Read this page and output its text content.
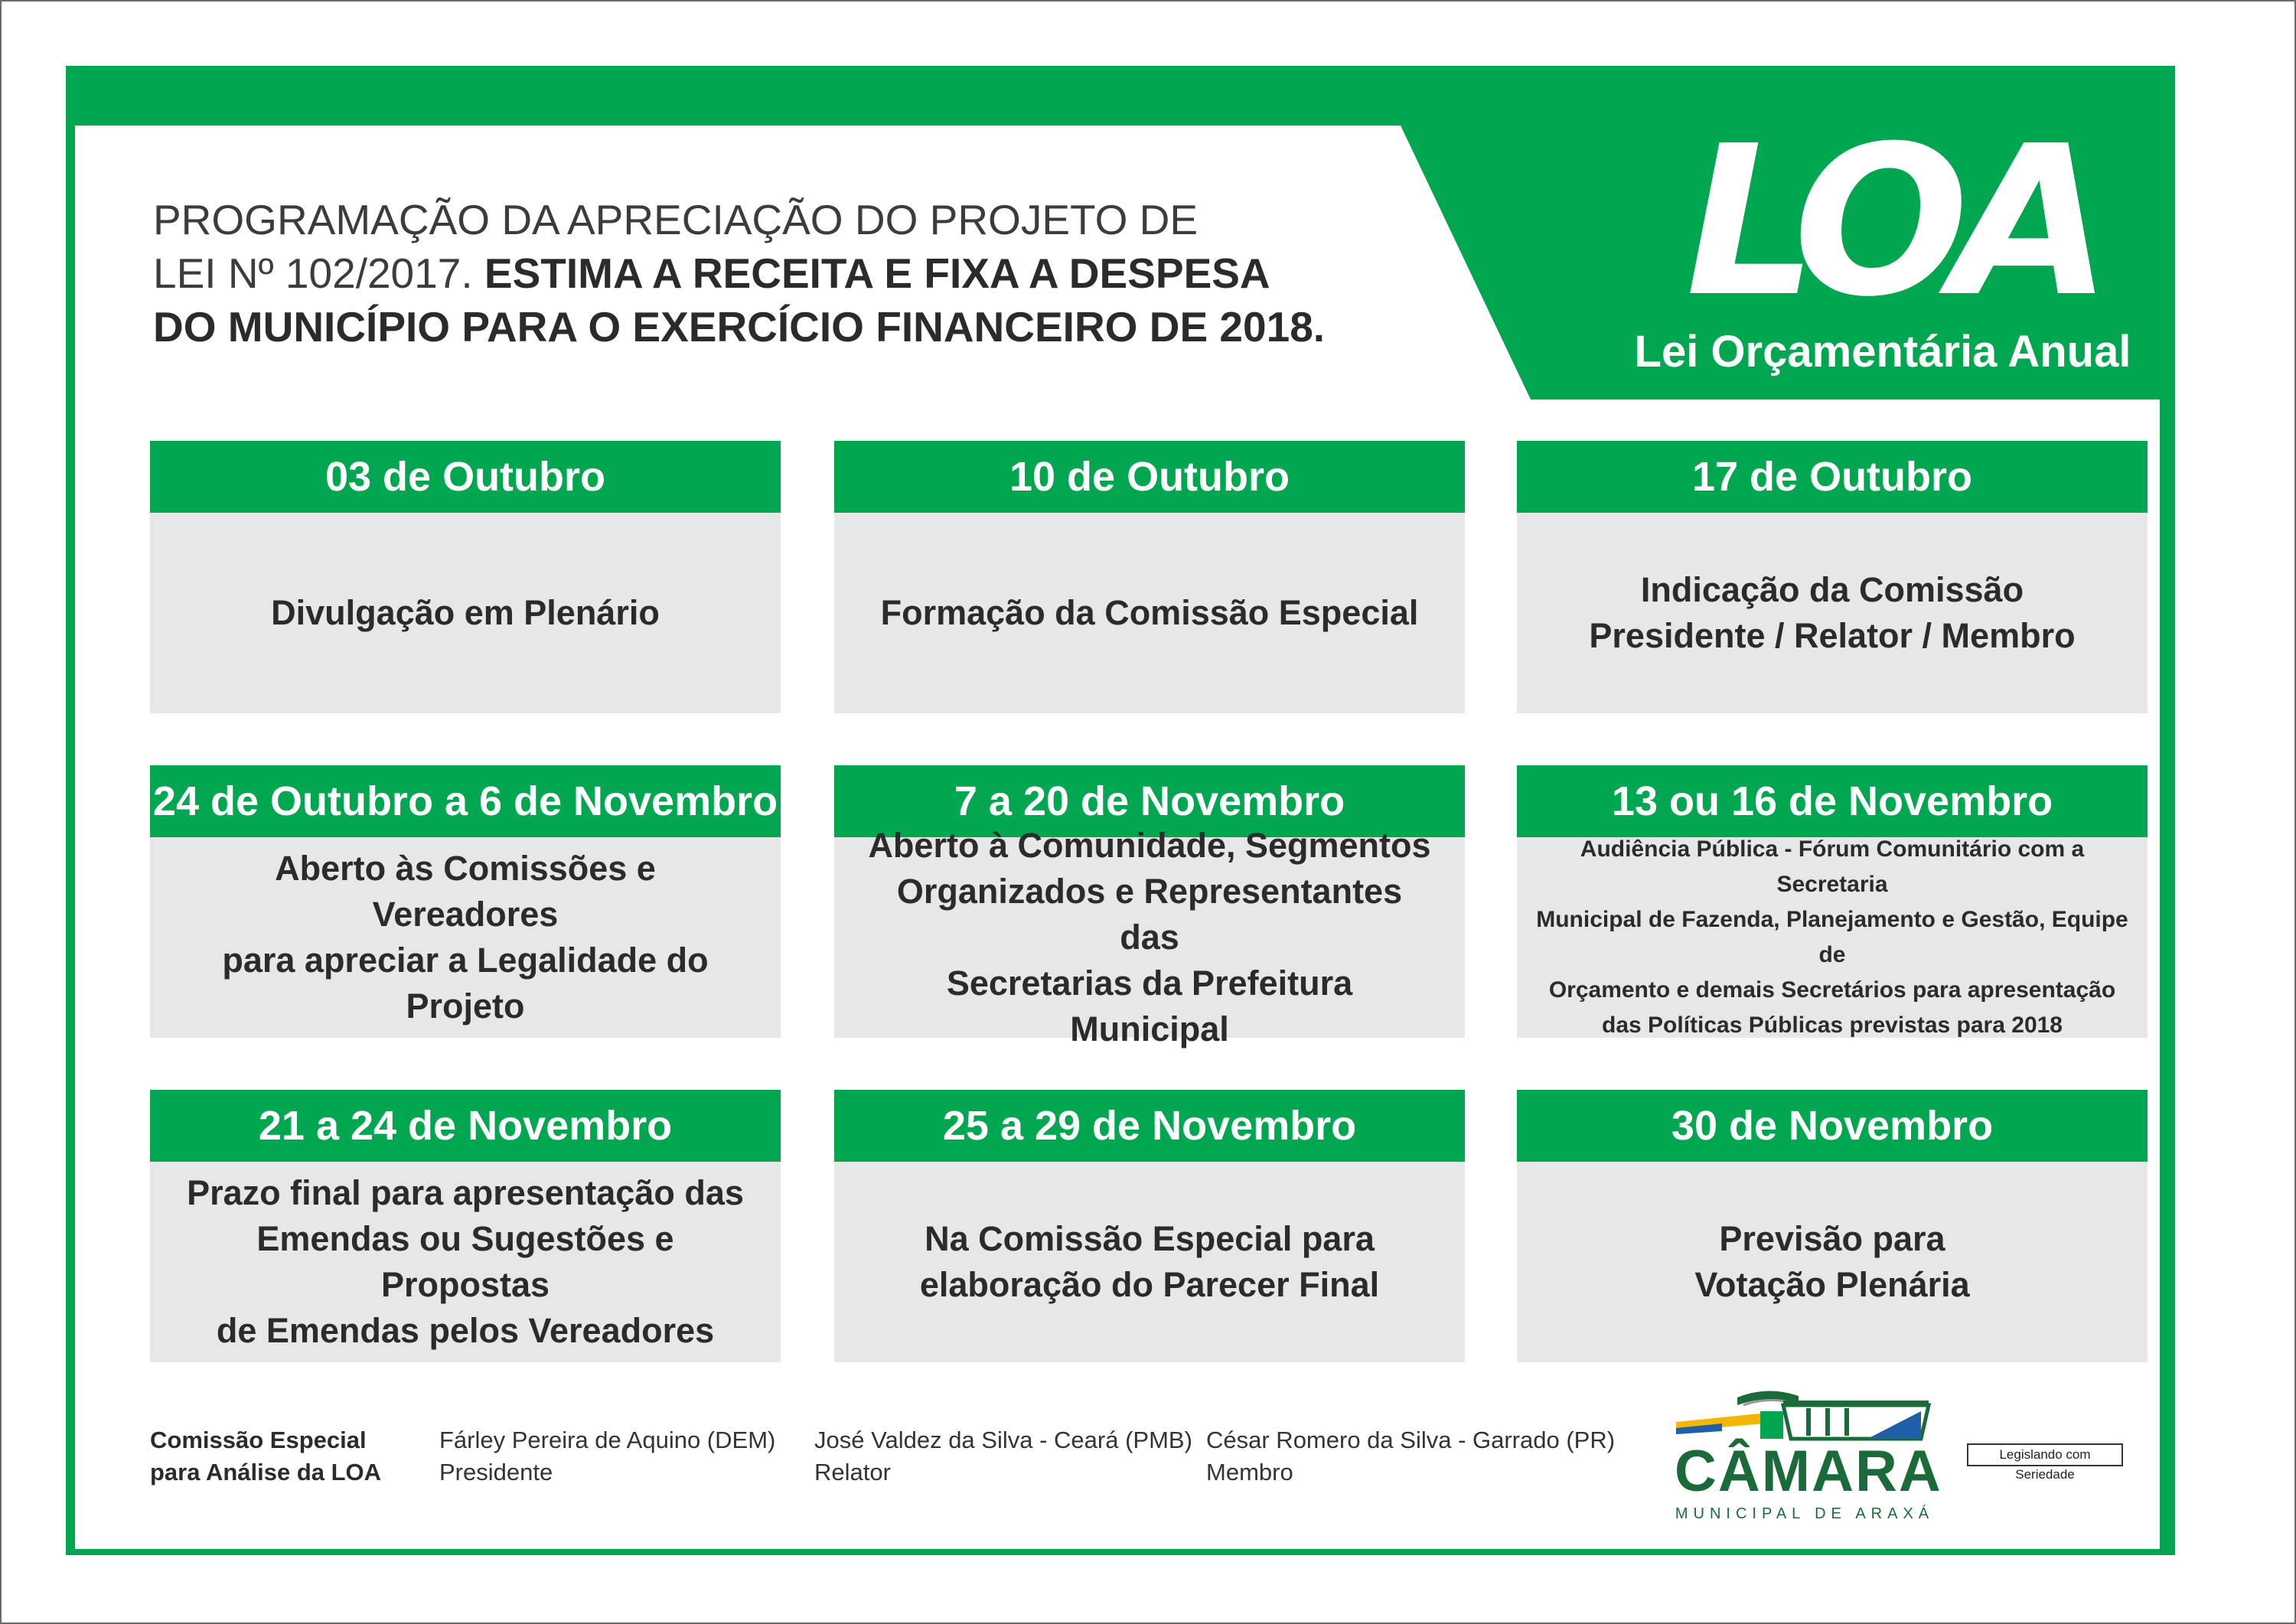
PROGRAMAÇÃO DA APRECIAÇÃO DO PROJETO DE
LEI Nº 102/2017. ESTIMA A RECEITA E FIXA A DESPESA
DO MUNICÍPIO PARA O EXERCÍCIO FINANCEIRO DE 2018.	LOA
Lei Orçamentária Anual
03 de Outubro
Divulgação em Plenário
10 de Outubro
Formação da Comissão Especial
17 de Outubro
Indicação da Comissão
Presidente / Relator / Membro
24 de Outubro a 6 de Novembro
Aberto às Comissões e Vereadores
para apreciar a Legalidade do Projeto
7 a 20 de Novembro
Aberto à Comunidade, Segmentos
Organizados e Representantes das
Secretarias da Prefeitura Municipal
13 ou 16 de Novembro
Audiência Pública - Fórum Comunitário com a Secretaria
Municipal de Fazenda, Planejamento e Gestão, Equipe de
Orçamento e demais Secretários para apresentação
das Políticas Públicas previstas para 2018
21 a 24 de Novembro
Prazo final para apresentação das
Emendas ou Sugestões e Propostas
de Emendas pelos Vereadores
25 a 29 de Novembro
Na Comissão Especial para
elaboração do Parecer Final
30 de Novembro
Previsão para
Votação Plenária
Comissão Especial
para Análise da LOA
Fárley Pereira de Aquino (DEM)
Presidente
José Valdez da Silva - Ceará (PMB)
Relator
César Romero da Silva - Garrado (PR)
Membro	CÂMARA
MUNICIPAL DE ARAXÁ
Legislando com Seriedade
